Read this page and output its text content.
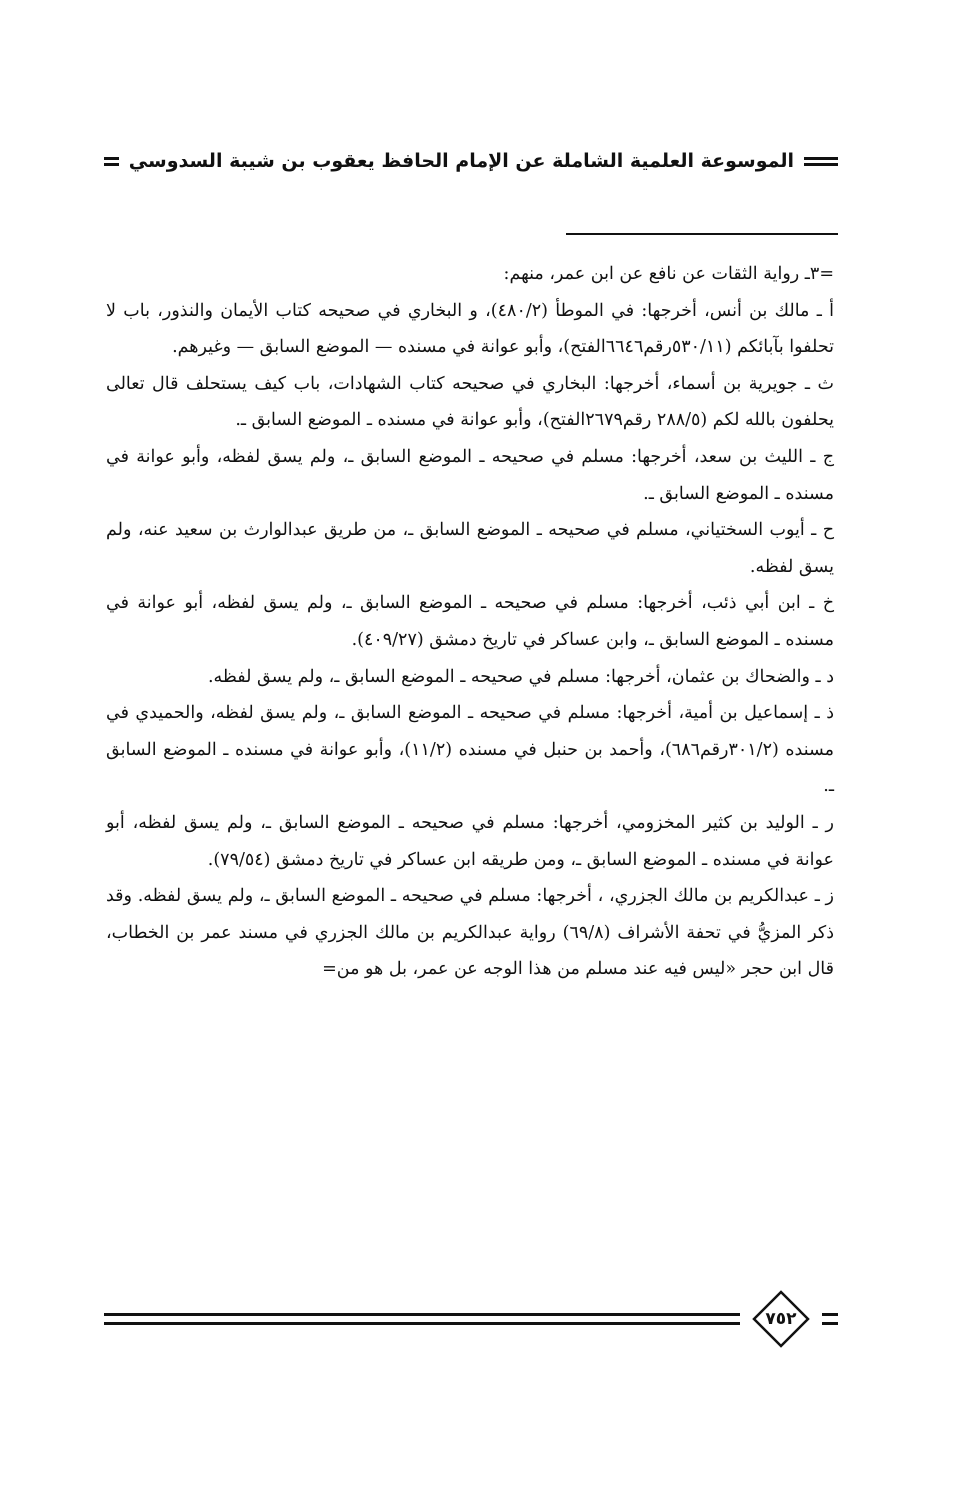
الموسوعة العلمية الشاملة عن الإمام الحافظ يعقوب بن شيبة السدوسي

=٣ـ رواية الثقات عن نافع عن ابن عمر، منهم:

أ ـ مالك بن أنس، أخرجها: في الموطأ (٤٨٠/٢)، و البخاري في صحيحه كتاب الأيمان والنذور، باب لا تحلفوا بآبائكم (٥٣٠/١١رقم٦٦٤٦الفتح)، وأبو عوانة في مسنده — الموضع السابق — وغيرهم.

ث ـ جويرية بن أسماء، أخرجها: البخاري في صحيحه كتاب الشهادات، باب كيف يستحلف قال تعالى يحلفون بالله لكم (٢٨٨/٥ رقم٢٦٧٩الفتح)، وأبو عوانة في مسنده ـ الموضع السابق ـ.

ج ـ الليث بن سعد، أخرجها: مسلم في صحيحه ـ الموضع السابق ـ، ولم يسق لفظه، وأبو عوانة في مسنده ـ الموضع السابق ـ.

ح ـ أيوب السختياني، مسلم في صحيحه ـ الموضع السابق ـ، من طريق عبدالوارث بن سعيد عنه، ولم يسق لفظه.

خ ـ ابن أبي ذئب، أخرجها: مسلم في صحيحه ـ الموضع السابق ـ، ولم يسق لفظه، أبو عوانة في مسنده ـ الموضع السابق ـ، وابن عساكر في تاريخ دمشق (٤٠٩/٢٧).

د ـ والضحاك بن عثمان، أخرجها: مسلم في صحيحه ـ الموضع السابق ـ، ولم يسق لفظه.

ذ ـ إسماعيل بن أمية، أخرجها: مسلم في صحيحه ـ الموضع السابق ـ، ولم يسق لفظه، والحميدي في مسنده (٣٠١/٢رقم٦٨٦)، وأحمد بن حنبل في مسنده (١١/٢)، وأبو عوانة في مسنده ـ الموضع السابق ـ.

ر ـ الوليد بن كثير المخزومي، أخرجها: مسلم في صحيحه ـ الموضع السابق ـ، ولم يسق لفظه، أبو عوانة في مسنده ـ الموضع السابق ـ، ومن طريقه ابن عساكر في تاريخ دمشق (٧٩/٥٤).

ز ـ عبدالكريم بن مالك الجزري، ، أخرجها: مسلم في صحيحه ـ الموضع السابق ـ، ولم يسق لفظه. وقد ذكر المزيُّ في تحفة الأشراف (٦٩/٨) رواية عبدالكريم بن مالك الجزري في مسند عمر بن الخطاب، قال ابن حجر «ليس فيه عند مسلم من هذا الوجه عن عمر، بل هو من=

٧٥٢
